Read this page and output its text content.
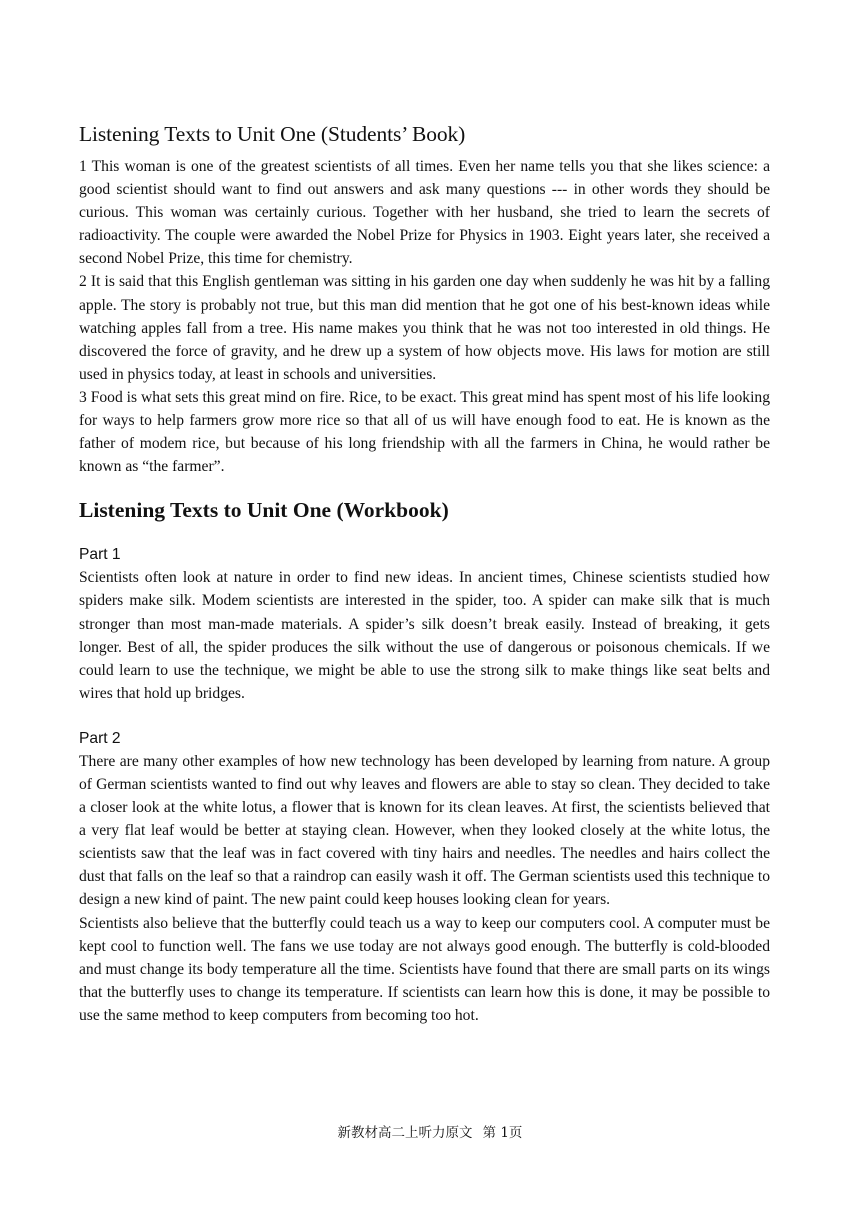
Listening Texts to Unit One (Students’ Book)

1 This woman is one of the greatest scientists of all times. Even her name tells you that she likes science: a good scientist should want to find out answers and ask many questions --- in other words they should be curious. This woman was certainly curious. Together with her husband, she tried to learn the secrets of radioactivity. The couple were awarded the Nobel Prize for Physics in 1903. Eight years later, she received a second Nobel Prize, this time for chemistry.

2 It is said that this English gentleman was sitting in his garden one day when suddenly he was hit by a falling apple. The story is probably not true, but this man did mention that he got one of his best-known ideas while watching apples fall from a tree. His name makes you think that he was not too interested in old things. He discovered the force of gravity, and he drew up a system of how objects move. His laws for motion are still used in physics today, at least in schools and universities.

3 Food is what sets this great mind on fire. Rice, to be exact. This great mind has spent most of his life looking for ways to help farmers grow more rice so that all of us will have enough food to eat. He is known as the father of modem rice, but because of his long friendship with all the farmers in China, he would rather be known as “the farmer”.

Listening Texts to Unit One (Workbook)
Part 1

Scientists often look at nature in order to find new ideas. In ancient times, Chinese scientists studied how spiders make silk. Modem scientists are interested in the spider, too. A spider can make silk that is much stronger than most man-made materials. A spider’s silk doesn’t break easily. Instead of breaking, it gets longer. Best of all, the spider produces the silk without the use of dangerous or poisonous chemicals. If we could learn to use the technique, we might be able to use the strong silk to make things like seat belts and wires that hold up bridges.

Part 2

There are many other examples of how new technology has been developed by learning from nature. A group of German scientists wanted to find out why leaves and flowers are able to stay so clean. They decided to take a closer look at the white lotus, a flower that is known for its clean leaves. At first, the scientists believed that a very flat leaf would be better at staying clean. However, when they looked closely at the white lotus, the scientists saw that the leaf was in fact covered with tiny hairs and needles. The needles and hairs collect the dust that falls on the leaf so that a raindrop can easily wash it off. The German scientists used this technique to design a new kind of paint. The new paint could keep houses looking clean for years.

Scientists also believe that the butterfly could teach us a way to keep our computers cool. A computer must be kept cool to function well. The fans we use today are not always good enough. The butterfly is cold-blooded and must change its body temperature all the time. Scientists have found that there are small parts on its wings that the butterfly uses to change its temperature. If scientists can learn how this is done, it may be possible to use the same method to keep computers from becoming too hot.

新教材高二上听力原文 第 1页
